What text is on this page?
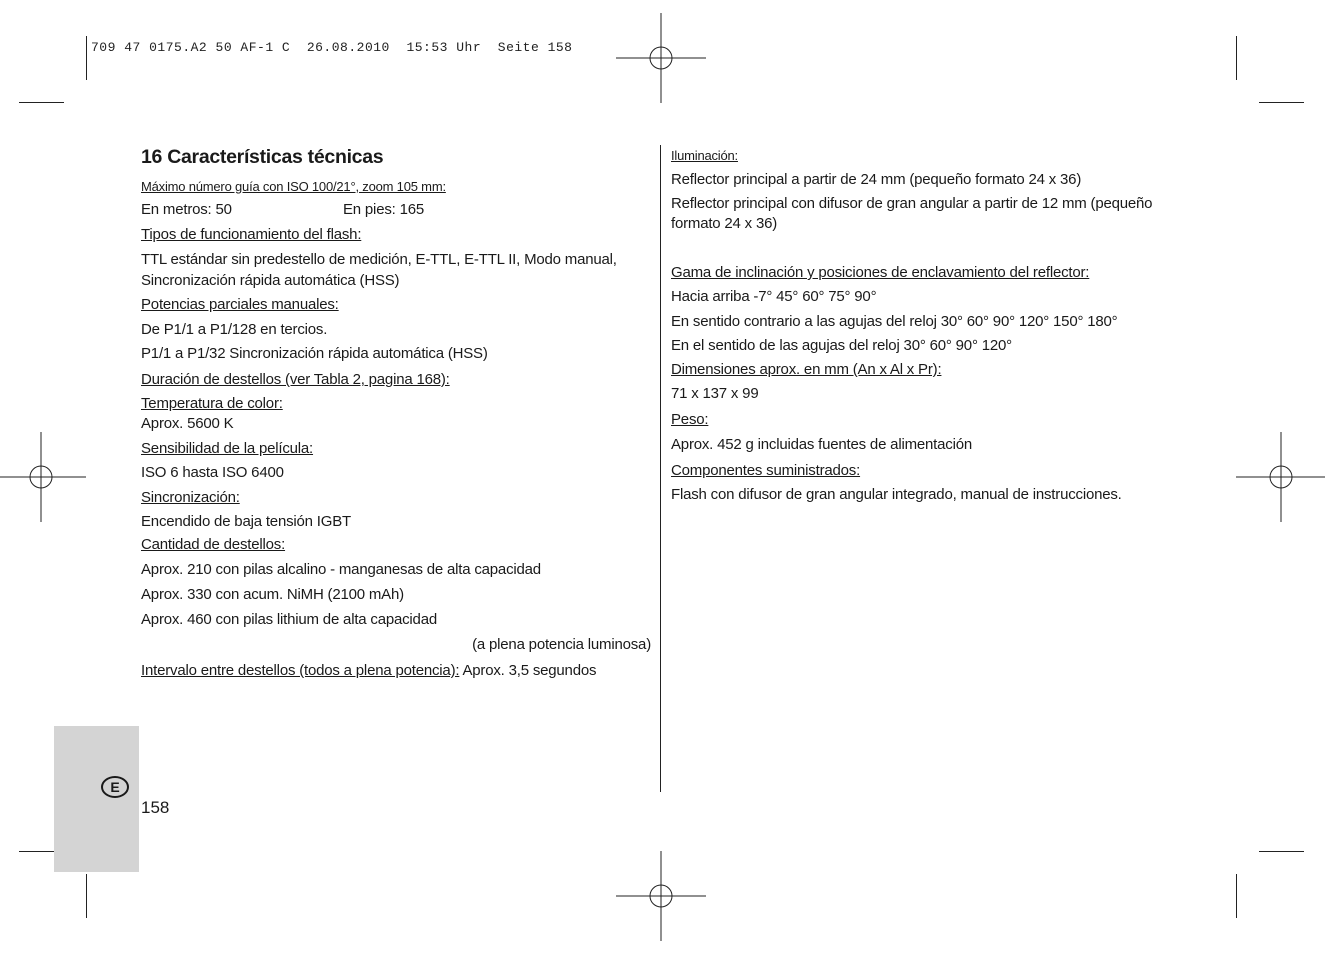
709 47 0175.A2 50 AF-1 C  26.08.2010  15:53 Uhr  Seite 158
E
158
16 Características técnicas
Máximo número guía con ISO 100/21°, zoom 105 mm:
En metros: 50	En pies: 165
Tipos de funcionamiento del flash:
TTL estándar sin predestello de medición, E-TTL, E-TTL II, Modo manual,
Sincronización rápida automática (HSS)
Potencias parciales manuales:
De P1/1 a P1/128 en tercios.
P1/1 a P1/32 Sincronización rápida automática (HSS)
Duración de destellos (ver Tabla 2, pagina 168):
Temperatura de color:
Aprox. 5600 K
Sensibilidad de la película:
ISO 6 hasta ISO 6400
Sincronización:
Encendido de baja tensión IGBT
Cantidad de destellos:
Aprox. 210 con pilas alcalino - manganesas de alta capacidad
Aprox. 330 con acum. NiMH (2100 mAh)
Aprox. 460 con pilas lithium de alta capacidad
(a plena potencia luminosa)
Intervalo entre destellos (todos a plena potencia): Aprox. 3,5 segundos
Iluminación:
Reflector principal a partir de 24 mm (pequeño formato 24 x 36)
Reflector principal con difusor de gran angular a partir de 12 mm (pequeño formato 24 x 36)
Gama de inclinación y posiciones de enclavamiento del reflector:
Hacia arriba -7° 45° 60° 75° 90°
En sentido contrario a las agujas del reloj 30° 60° 90° 120° 150° 180°
En el sentido de las agujas del reloj 30° 60° 90° 120°
Dimensiones aprox. en mm (An x Al x Pr):
71 x 137 x 99
Peso:
Aprox. 452 g incluidas fuentes de alimentación
Componentes suministrados:
Flash con difusor de gran angular integrado, manual de instrucciones.
